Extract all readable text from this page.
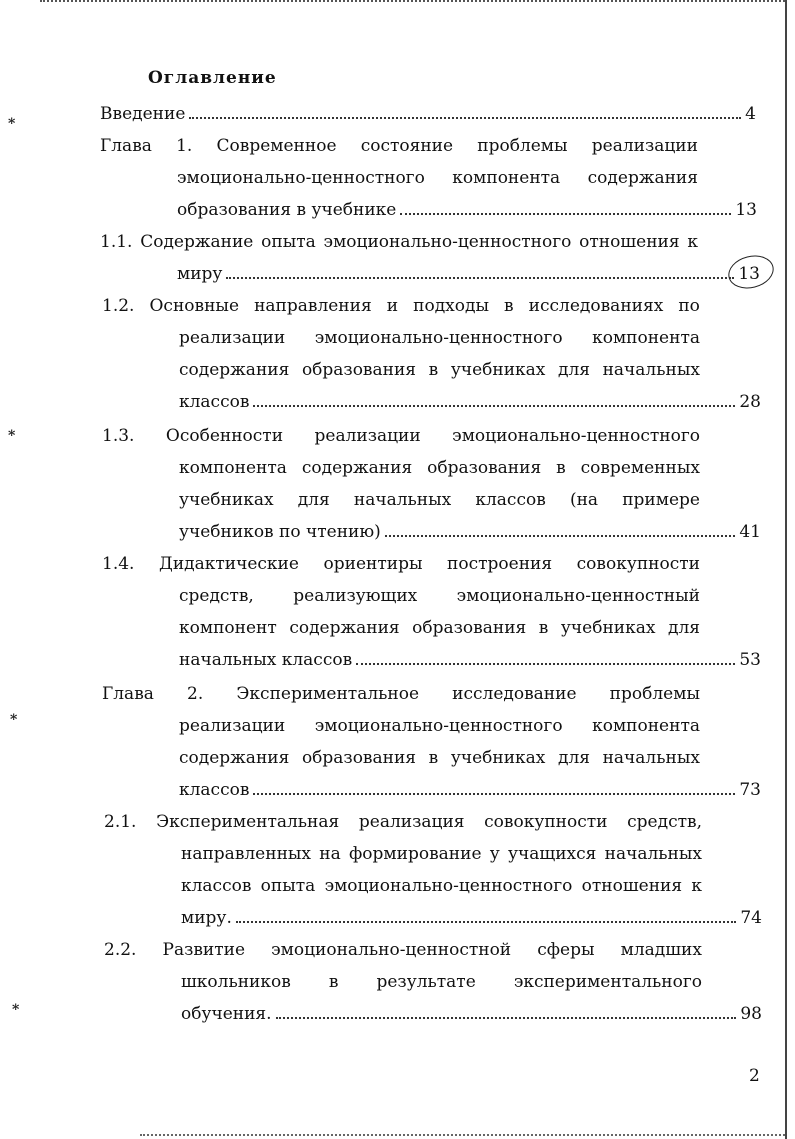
⁎
⁎
⁎
⁎
Оглавление
Введение	4
Глава 1. Современное состояние проблемы реализации
эмоционально-ценностного компонента содержания
образования в учебнике	13
1.1. Содержание опыта эмоционально-ценностного отношения к
миру	13
1.2. Основные направления и подходы в исследованиях по
реализации эмоционально-ценностного компонента
содержания образования в учебниках для начальных
классов	28
1.3. Особенности реализации эмоционально-ценностного
компонента содержания образования в современных
учебниках для начальных классов (на примере
учебников по чтению)	41
1.4. Дидактические ориентиры построения совокупности
средств, реализующих эмоционально-ценностный
компонент содержания образования в учебниках для
начальных классов	53
Глава 2. Экспериментальное исследование проблемы
реализации эмоционально-ценностного компонента
содержания образования в учебниках для начальных
классов	73
2.1. Экспериментальная реализация совокупности средств,
направленных на формирование у учащихся начальных
классов опыта эмоционально-ценностного отношения к
миру.	74
2.2. Развитие эмоционально-ценностной сферы младших
школьников в результате экспериментального
обучения.	98
2
